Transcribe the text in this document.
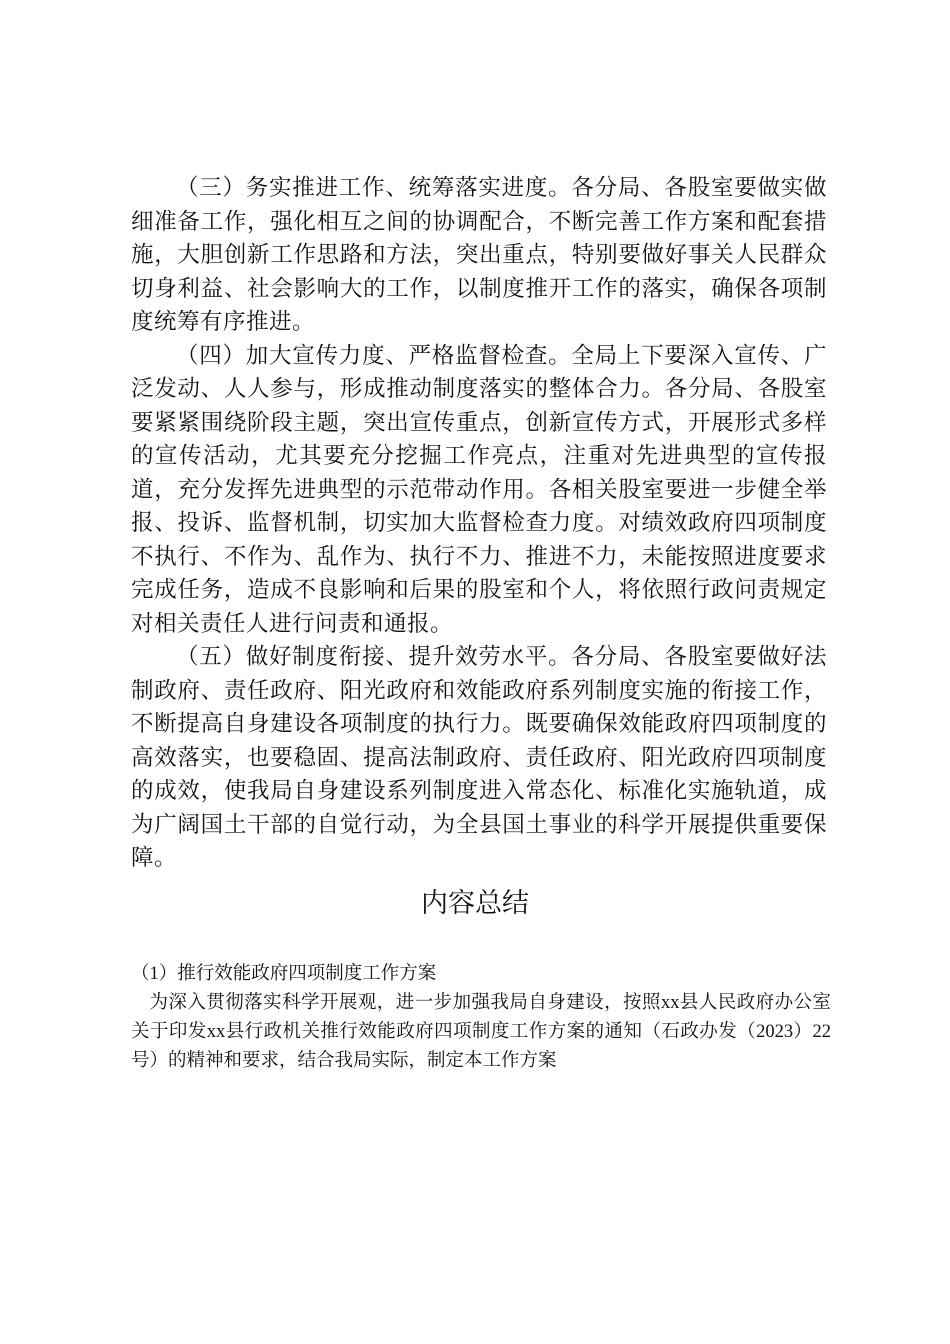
（三）务实推进工作、统筹落实进度。各分局、各股室要做实做细准备工作，强化相互之间的协调配合，不断完善工作方案和配套措施，大胆创新工作思路和方法，突出重点，特别要做好事关人民群众切身利益、社会影响大的工作，以制度推开工作的落实，确保各项制度统筹有序推进。

（四）加大宣传力度、严格监督检查。全局上下要深入宣传、广泛发动、人人参与，形成推动制度落实的整体合力。各分局、各股室要紧紧围绕阶段主题，突出宣传重点，创新宣传方式，开展形式多样的宣传活动，尤其要充分挖掘工作亮点，注重对先进典型的宣传报道，充分发挥先进典型的示范带动作用。各相关股室要进一步健全举报、投诉、监督机制，切实加大监督检查力度。对绩效政府四项制度不执行、不作为、乱作为、执行不力、推进不力，未能按照进度要求完成任务，造成不良影响和后果的股室和个人，将依照行政问责规定对相关责任人进行问责和通报。

（五）做好制度衔接、提升效劳水平。各分局、各股室要做好法制政府、责任政府、阳光政府和效能政府系列制度实施的衔接工作，不断提高自身建设各项制度的执行力。既要确保效能政府四项制度的高效落实，也要稳固、提高法制政府、责任政府、阳光政府四项制度的成效，使我局自身建设系列制度进入常态化、标准化实施轨道，成为广阔国土干部的自觉行动，为全县国土事业的科学开展提供重要保障。

内容总结

（1）推行效能政府四项制度工作方案

为深入贯彻落实科学开展观，进一步加强我局自身建设，按照xx县人民政府办公室关于印发xx县行政机关推行效能政府四项制度工作方案的通知（石政办发（2023）22号）的精神和要求，结合我局实际，制定本工作方案
